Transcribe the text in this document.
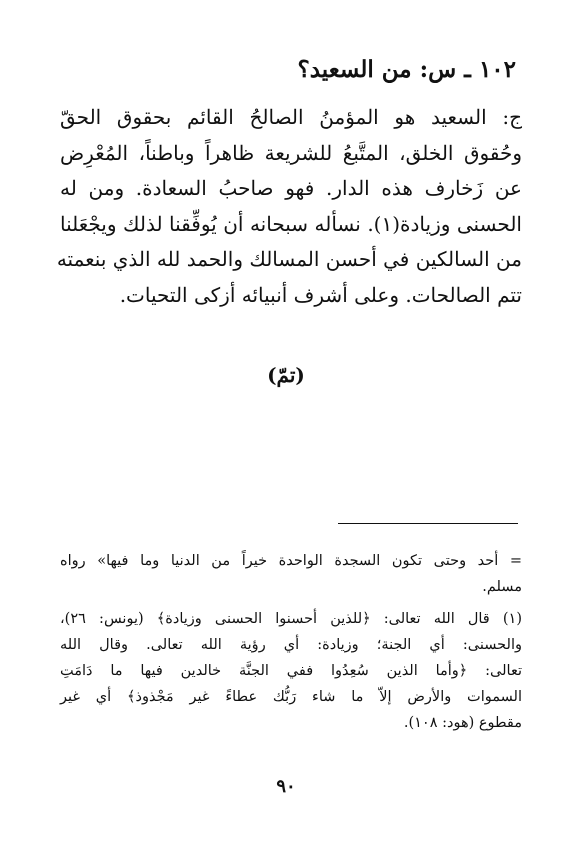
١٠٢ ـ س: من السعيد؟
ج: السعيد هو المؤمنُ الصالحُ القائم بحقوق الحقّ
وحُقوق الخلق، المتَّبعُ للشريعة ظاهراً وباطناً، المُعْرِض
عن زَخارف هذه الدار. فهو صاحبُ السعادة. ومن له
الحسنى وزيادة(١). نسأله سبحانه أن يُوفِّقنا لذلك ويجْعَلنا
من السالكين في أحسن المسالك والحمد لله الذي بنعمته
تتم الصالحات. وعلى أشرف أنبيائه أزكى التحيات.
(تمّ)
= أحد وحتى تكون السجدة الواحدة خيراً من الدنيا وما فيها» رواه
مسلم.
(١) قال الله تعالى: ﴿للذين أحسنوا الحسنى وزيادة﴾ (يونس: ٢٦)،
والحسنى: أي الجنة؛ وزيادة: أي رؤية الله تعالى. وقال الله
تعالى: ﴿وأما الذين سُعِدُوا ففي الجنَّة خالدين فيها ما دَامَتِ
السموات والأرض إلاّ ما شاء رَبُّك عطاءً غير مَجْذوذ﴾ أي غير
مقطوع (هود: ١٠٨).
٩٠
